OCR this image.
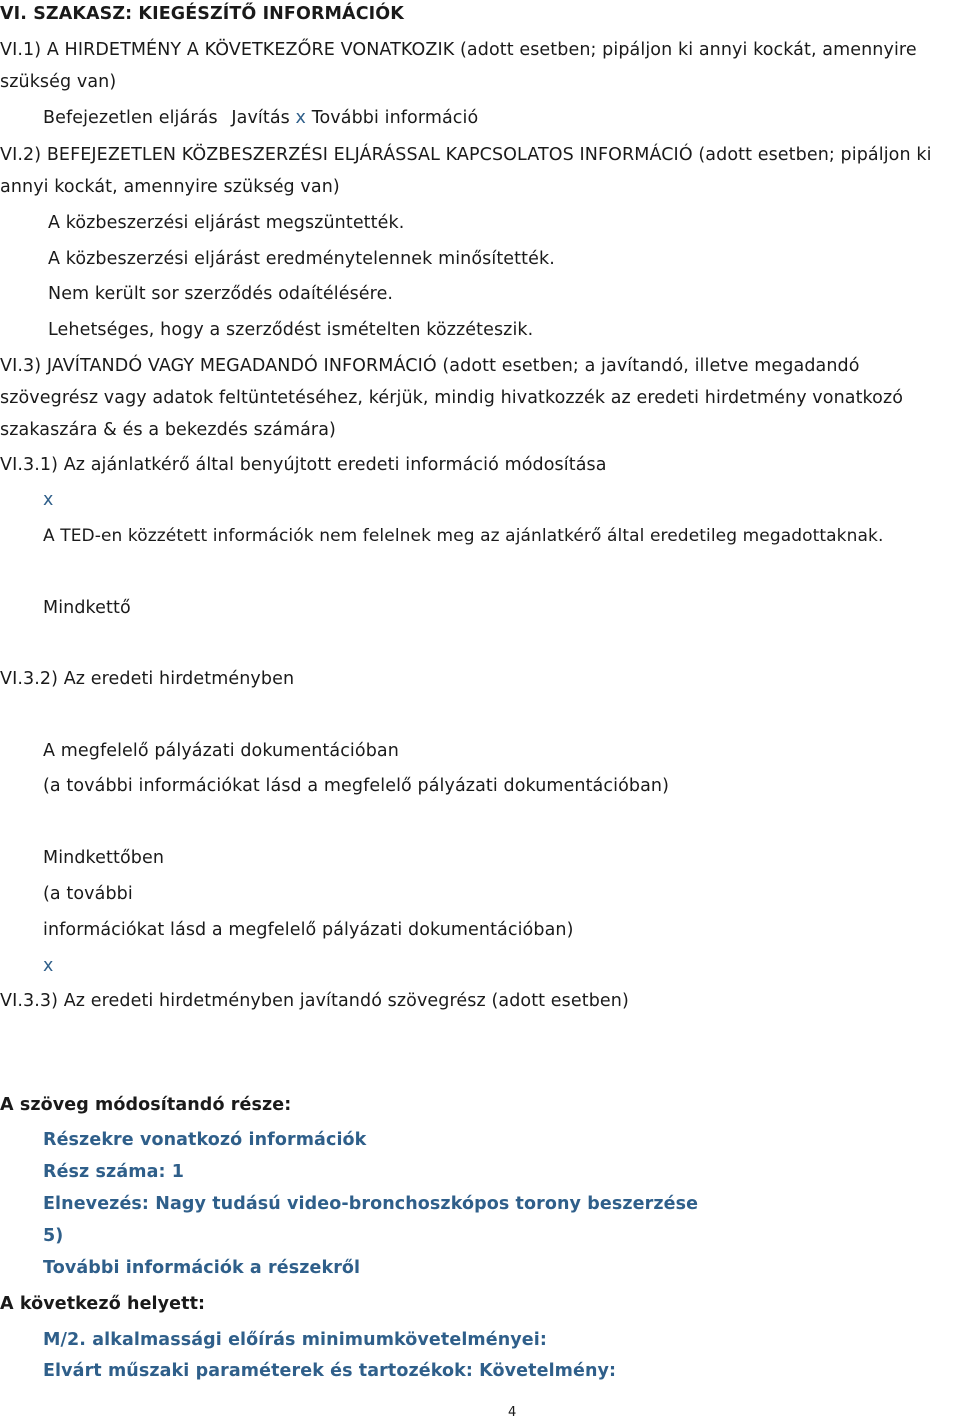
VI. SZAKASZ: KIEGÉSZÍTŐ INFORMÁCIÓK
VI.1) A HIRDETMÉNY A KÖVETKEZŐRE VONATKOZIK (adott esetben; pipáljon ki annyi kockát, amennyire
szükség van)
Befejezetlen eljárás Javítás x További információ
VI.2) BEFEJEZETLEN KÖZBESZERZÉSI ELJÁRÁSSAL KAPCSOLATOS INFORMÁCIÓ (adott esetben; pipáljon ki
annyi kockát, amennyire szükség van)
A közbeszerzési eljárást megszüntették.
A közbeszerzési eljárást eredménytelennek minősítették.
Nem került sor szerződés odaítélésére.
Lehetséges, hogy a szerződést ismételten közzéteszik.
VI.3) JAVÍTANDÓ VAGY MEGADANDÓ INFORMÁCIÓ (adott esetben; a javítandó, illetve megadandó
szövegrész vagy adatok feltüntetéséhez, kérjük, mindig hivatkozzék az eredeti hirdetmény vonatkozó
szakaszára & és a bekezdés számára)
VI.3.1) Az ajánlatkérő által benyújtott eredeti információ módosítása
x
A TED-en közzétett információk nem felelnek meg az ajánlatkérő által eredetileg megadottaknak.
Mindkettő
VI.3.2) Az eredeti hirdetményben
A megfelelő pályázati dokumentációban
(a további információkat lásd a megfelelő pályázati dokumentációban)
Mindkettőben
(a további
információkat lásd a megfelelő pályázati dokumentációban)
x
VI.3.3) Az eredeti hirdetményben javítandó szövegrész (adott esetben)
A szöveg módosítandó része:
Részekre vonatkozó információk
Rész száma: 1
Elnevezés: Nagy tudású video-bronchoszkópos torony beszerzése
5)
További információk a részekről
A következő helyett:
M/2. alkalmassági előírás minimumkövetelményei:
Elvárt műszaki paraméterek és tartozékok: Követelmény:
4
